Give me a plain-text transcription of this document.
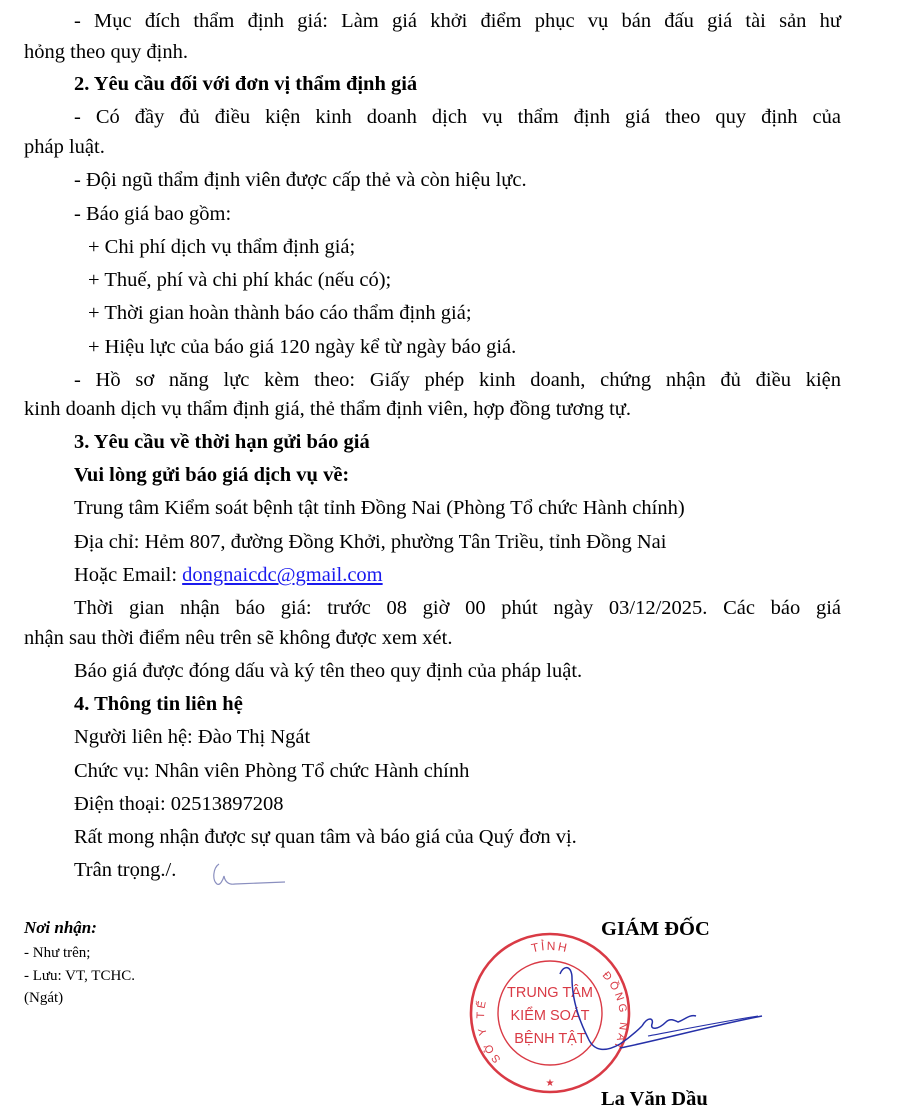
- Mục đích thẩm định giá: Làm giá khởi điểm phục vụ bán đấu giá tài sản hư
hỏng theo quy định.
2. Yêu cầu đối với đơn vị thẩm định giá
- Có đầy đủ điều kiện kinh doanh dịch vụ thẩm định giá theo quy định của
pháp luật.
- Đội ngũ thẩm định viên được cấp thẻ và còn hiệu lực.
- Báo giá bao gồm:
+ Chi phí dịch vụ thẩm định giá;
+ Thuế, phí và chi phí khác (nếu có);
+ Thời gian hoàn thành báo cáo thẩm định giá;
+ Hiệu lực của báo giá 120 ngày kể từ ngày báo giá.
- Hồ sơ năng lực kèm theo: Giấy phép kinh doanh, chứng nhận đủ điều kiện
kinh doanh dịch vụ thẩm định giá, thẻ thẩm định viên, hợp đồng tương tự.
3. Yêu cầu về thời hạn gửi báo giá
Vui lòng gửi báo giá dịch vụ về:
Trung tâm Kiểm soát bệnh tật tỉnh Đồng Nai (Phòng Tổ chức Hành chính)
Địa chỉ: Hẻm 807, đường Đồng Khởi, phường Tân Triều, tỉnh Đồng Nai
Hoặc Email: dongnaicdc@gmail.com
Thời gian nhận báo giá: trước 08 giờ 00 phút ngày 03/12/2025. Các báo giá
nhận sau thời điểm nêu trên sẽ không được xem xét.
Báo giá được đóng dấu và ký tên theo quy định của pháp luật.
4. Thông tin liên hệ
Người liên hệ: Đào Thị Ngát
Chức vụ: Nhân viên Phòng Tổ chức Hành chính
Điện thoại: 02513897208
Rất mong nhận được sự quan tâm và báo giá của Quý đơn vị.
Trân trọng./.
Nơi nhận:
- Như trên;
- Lưu: VT, TCHC.
(Ngát)
GIÁM ĐỐC
TỈNH
SỞ Y TẾ
ĐỒNG NAI
TRUNG TÂM
KIỂM SOÁT
BỆNH TẬT
★
La Văn Dầu
